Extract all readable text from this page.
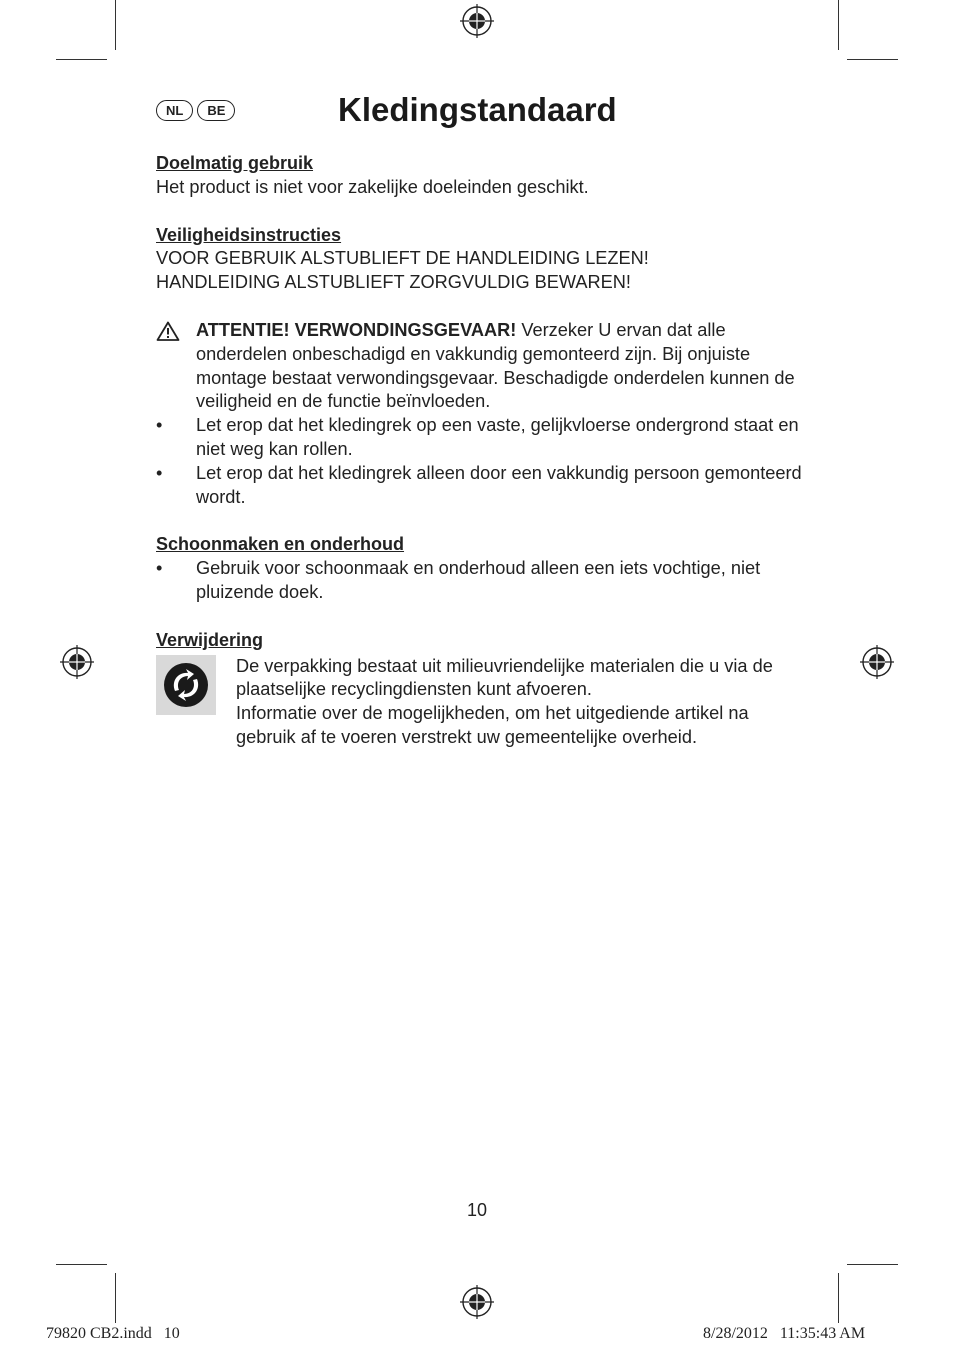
NL	BE	Kledingstandaard

Doelmatig gebruik

Het product is niet voor zakelijke doeleinden geschikt.

Veiligheidsinstructies

VOOR GEBRUIK ALSTUBLIEFT DE HANDLEIDING LEZEN!

HANDLEIDING ALSTUBLIEFT ZORGVULDIG BEWAREN!

ATTENTIE! VERWONDINGSGEVAAR! Verzeker U ervan dat alle onderdelen onbeschadigd en vakkundig gemonteerd zijn. Bij onjuiste montage bestaat verwondingsgevaar. Beschadigde onderdelen kunnen de veiligheid en de functie beïnvloeden.
•	Let erop dat het kledingrek op een vaste, gelijkvloerse ondergrond staat en niet weg kan rollen.
•	Let erop dat het kledingrek alleen door een vakkundig persoon gemonteerd wordt.

Schoonmaken en onderhoud

•	Gebruik voor schoonmaak en onderhoud alleen een iets vochtige, niet pluizende doek.

Verwijdering

De verpakking bestaat uit milieuvriendelijke materialen die u via de plaatselijke recyclingdiensten kunt afvoeren.

Informatie over de mogelijkheden, om het uitgediende artikel na gebruik af te voeren verstrekt uw gemeentelijke overheid.

10
79820 CB2.indd   10	8/28/2012   11:35:43 AM
